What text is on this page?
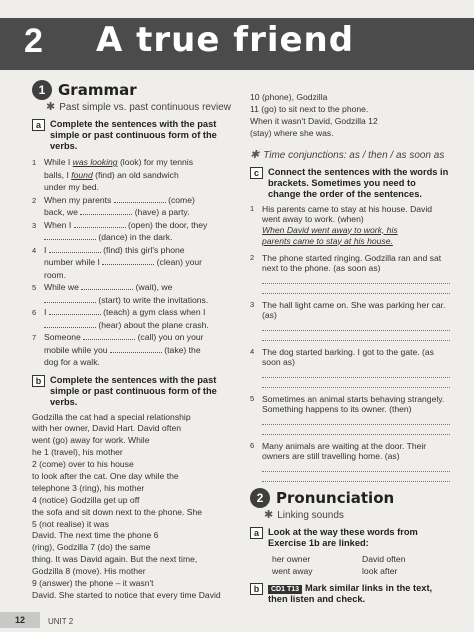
2 A true friend
1 Grammar
✱ Past simple vs. past continuous review
a Complete the sentences with the past simple or past continuous form of the verbs.
1 While I was looking (look) for my tennis
balls, I found (find) an old sandwich
under my bed.
2 When my parents	(come)
back, we	(have) a party.
3 When I	(open) the door, they
(dance) in the dark.
4 I	(find) this girl's phone
number while I	(clean) your
room.
5 While we	(wait), we
(start) to write the invitations.
6 I	(teach) a gym class when I
(hear) about the plane crash.
7 Someone	(call) you on your
mobile while you	(take) the
dog for a walk.
b Complete the sentences with the past simple or past continuous form of the verbs.
Godzilla the cat had a special relationship
with her owner, David Hart. David often
went (go) away for work. While
he 1 (travel), his mother
2 (come) over to his house
to look after the cat. One day while the
telephone 3 (ring), his mother
4 (notice) Godzilla get up off
the sofa and sit down next to the phone. She
5 (not realise) it was
David. The next time the phone 6
(ring), Godzilla 7 (do) the same
thing. It was David again. But the next time,
Godzilla 8 (move). His mother
9 (answer) the phone – it wasn't
David. She started to notice that every time David
10 (phone), Godzilla
11 (go) to sit next to the phone.
When it wasn't David, Godzilla 12
(stay) where she was.
✱ Time conjunctions: as / then / as soon as
c Connect the sentences with the words in brackets. Sometimes you need to change the order of the sentences.
1 His parents came to stay at his house. David went away to work. (when)
When David went away to work, his
parents came to stay at his house.
2 The phone started ringing. Godzilla ran and sat next to the phone. (as soon as)
3 The hall light came on. She was parking her car. (as)
4 The dog started barking. I got to the gate. (as soon as)
5 Sometimes an animal starts behaving strangely. Something happens to its owner. (then)
6 Many animals are waiting at the door. Their owners are still travelling home. (as)
2 Pronunciation
✱ Linking sounds
a Look at the way these words from Exercise 1b are linked:
her owner	David often
went away	look after
b	CD1 T13 Mark similar links in the text, then listen and check.
12	UNIT 2
